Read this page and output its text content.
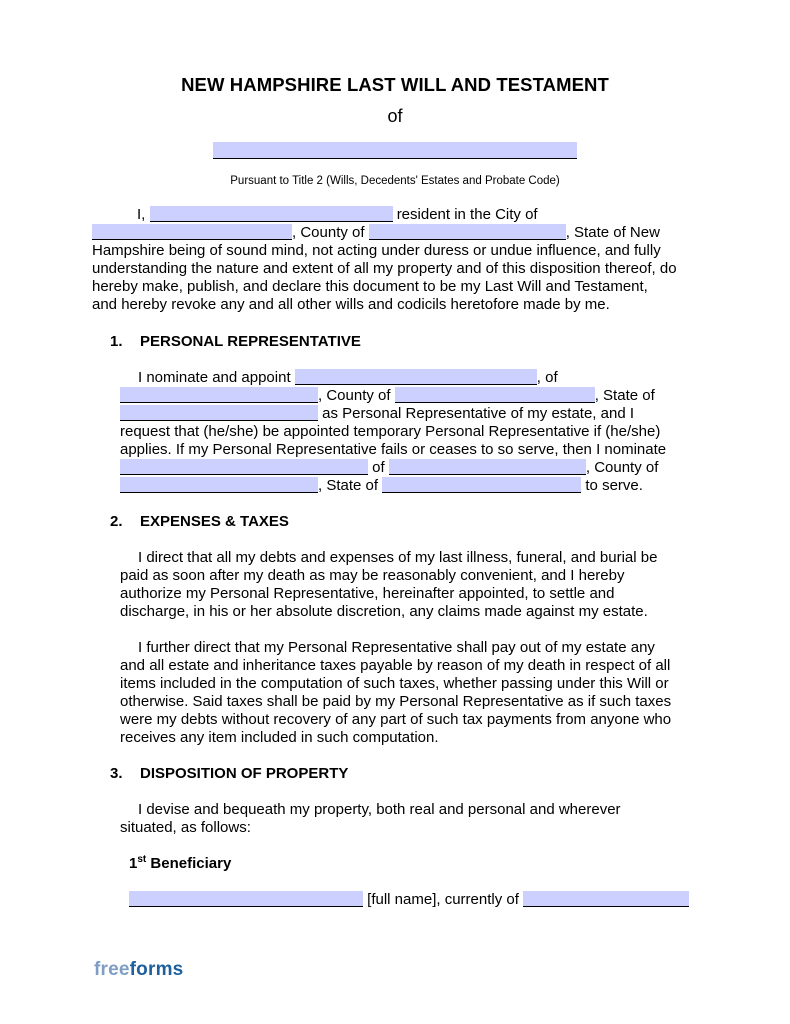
NEW HAMPSHIRE LAST WILL AND TESTAMENT
of
Pursuant to Title 2 (Wills, Decedents' Estates and Probate Code)
I,	resident in the City of
, County of	, State of New
Hampshire being of sound mind, not acting under duress or undue influence, and fully
understanding the nature and extent of all my property and of this disposition thereof, do
hereby make, publish, and declare this document to be my Last Will and Testament,
and hereby revoke any and all other wills and codicils heretofore made by me.
1. PERSONAL REPRESENTATIVE
I nominate and appoint	, of
, County of	, State of
as Personal Representative of my estate, and I
request that (he/she) be appointed temporary Personal Representative if (he/she)
applies. If my Personal Representative fails or ceases to so serve, then I nominate
of	, County of
, State of	to serve.
2. EXPENSES & TAXES
I direct that all my debts and expenses of my last illness, funeral, and burial be
paid as soon after my death as may be reasonably convenient, and I hereby
authorize my Personal Representative, hereinafter appointed, to settle and
discharge, in his or her absolute discretion, any claims made against my estate.
I further direct that my Personal Representative shall pay out of my estate any
and all estate and inheritance taxes payable by reason of my death in respect of all
items included in the computation of such taxes, whether passing under this Will or
otherwise. Said taxes shall be paid by my Personal Representative as if such taxes
were my debts without recovery of any part of such tax payments from anyone who
receives any item included in such computation.
3. DISPOSITION OF PROPERTY
I devise and bequeath my property, both real and personal and wherever
situated, as follows:
1st Beneficiary
[full name], currently of
freeforms
